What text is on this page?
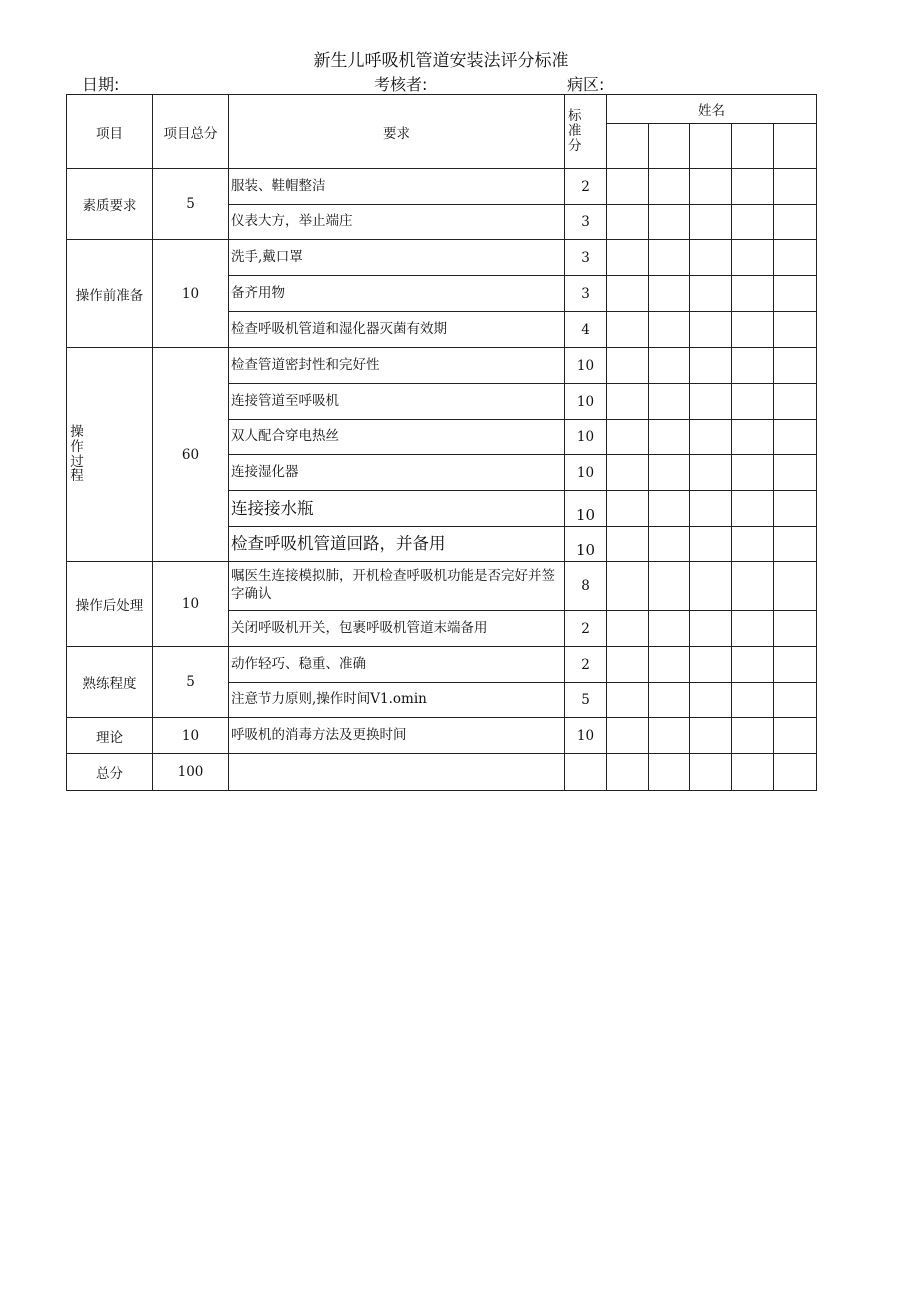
新生儿呼吸机管道安装法评分标准
日期:	考核者:	病区:
项目	项目总分	要求	标准分	姓名				

素质要求	5	服装、鞋帽整洁	2					
		仪表大方，举止端庄	3					
操作前准备	10	洗手,戴口罩	3					
		备齐用物	3					
		检查呼吸机管道和湿化器灭菌有效期	4					

操作过程	60	检查管道密封性和完好性	10					
		连接管道至呼吸机	10					
		双人配合穿电热丝	10					
		连接湿化器	10					
		连接接水瓶	10					
		检查呼吸机管道回路，并备用	10					
操作后处理	10	嘱医生连接模拟肺，开机检查呼吸机功能是否完好并签字确认	8					
		关闭呼吸机开关，包裹呼吸机管道末端备用	2					
熟练程度	5	动作轻巧、稳重、准确	2					
		注意节力原则,操作时间V1.omin	5					
理论	10	呼吸机的消毒方法及更换时间	10					
总分	100							
